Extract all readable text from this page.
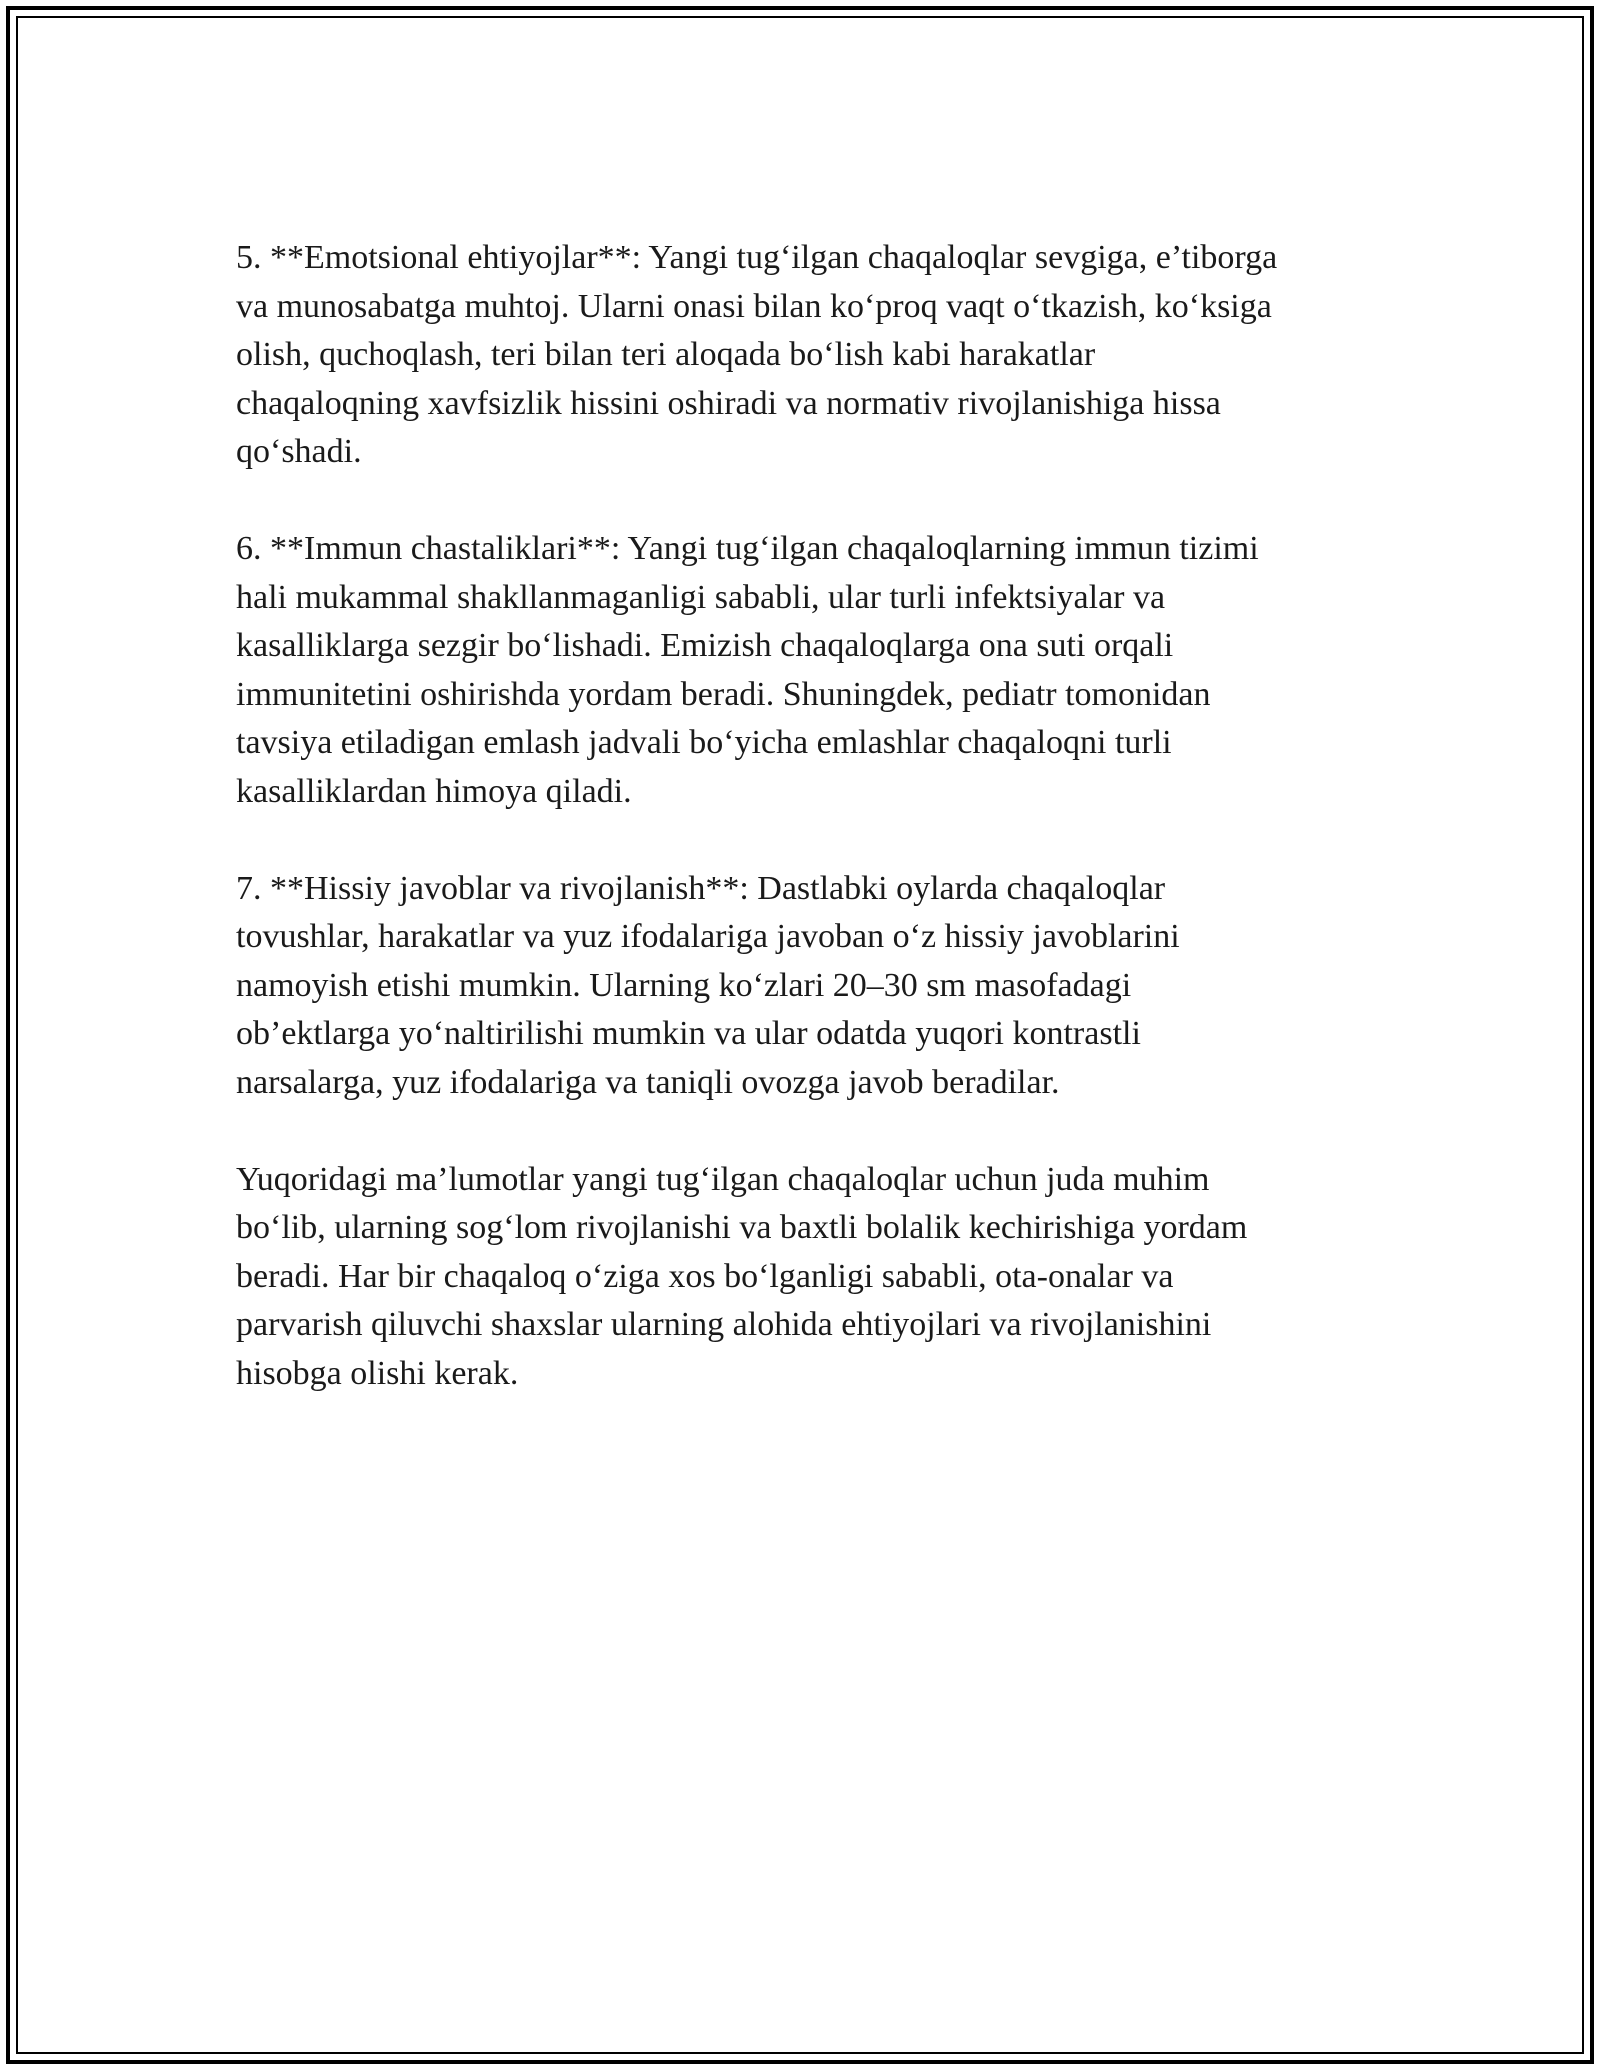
5. **Emotsional ehtiyojlar**: Yangi tug‘ilgan chaqaloqlar sevgiga, e’tiborga
va munosabatga muhtoj. Ularni onasi bilan ko‘proq vaqt o‘tkazish, ko‘ksiga
olish, quchoqlash, teri bilan teri aloqada bo‘lish kabi harakatlar
chaqaloqning xavfsizlik hissini oshiradi va normativ rivojlanishiga hissa
qo‘shadi.

6. **Immun chastaliklari**: Yangi tug‘ilgan chaqaloqlarning immun tizimi
hali mukammal shakllanmaganligi sababli, ular turli infektsiyalar va
kasalliklarga sezgir bo‘lishadi. Emizish chaqaloqlarga ona suti orqali
immunitetini oshirishda yordam beradi. Shuningdek, pediatr tomonidan
tavsiya etiladigan emlash jadvali bo‘yicha emlashlar chaqaloqni turli
kasalliklardan himoya qiladi.

7. **Hissiy javoblar va rivojlanish**: Dastlabki oylarda chaqaloqlar
tovushlar, harakatlar va yuz ifodalariga javoban o‘z hissiy javoblarini
namoyish etishi mumkin. Ularning ko‘zlari 20–30 sm masofadagi
ob’ektlarga yo‘naltirilishi mumkin va ular odatda yuqori kontrastli
narsalarga, yuz ifodalariga va taniqli ovozga javob beradilar.

Yuqoridagi ma’lumotlar yangi tug‘ilgan chaqaloqlar uchun juda muhim
bo‘lib, ularning sog‘lom rivojlanishi va baxtli bolalik kechirishiga yordam
beradi. Har bir chaqaloq o‘ziga xos bo‘lganligi sababli, ota-onalar va
parvarish qiluvchi shaxslar ularning alohida ehtiyojlari va rivojlanishini
hisobga olishi kerak.
